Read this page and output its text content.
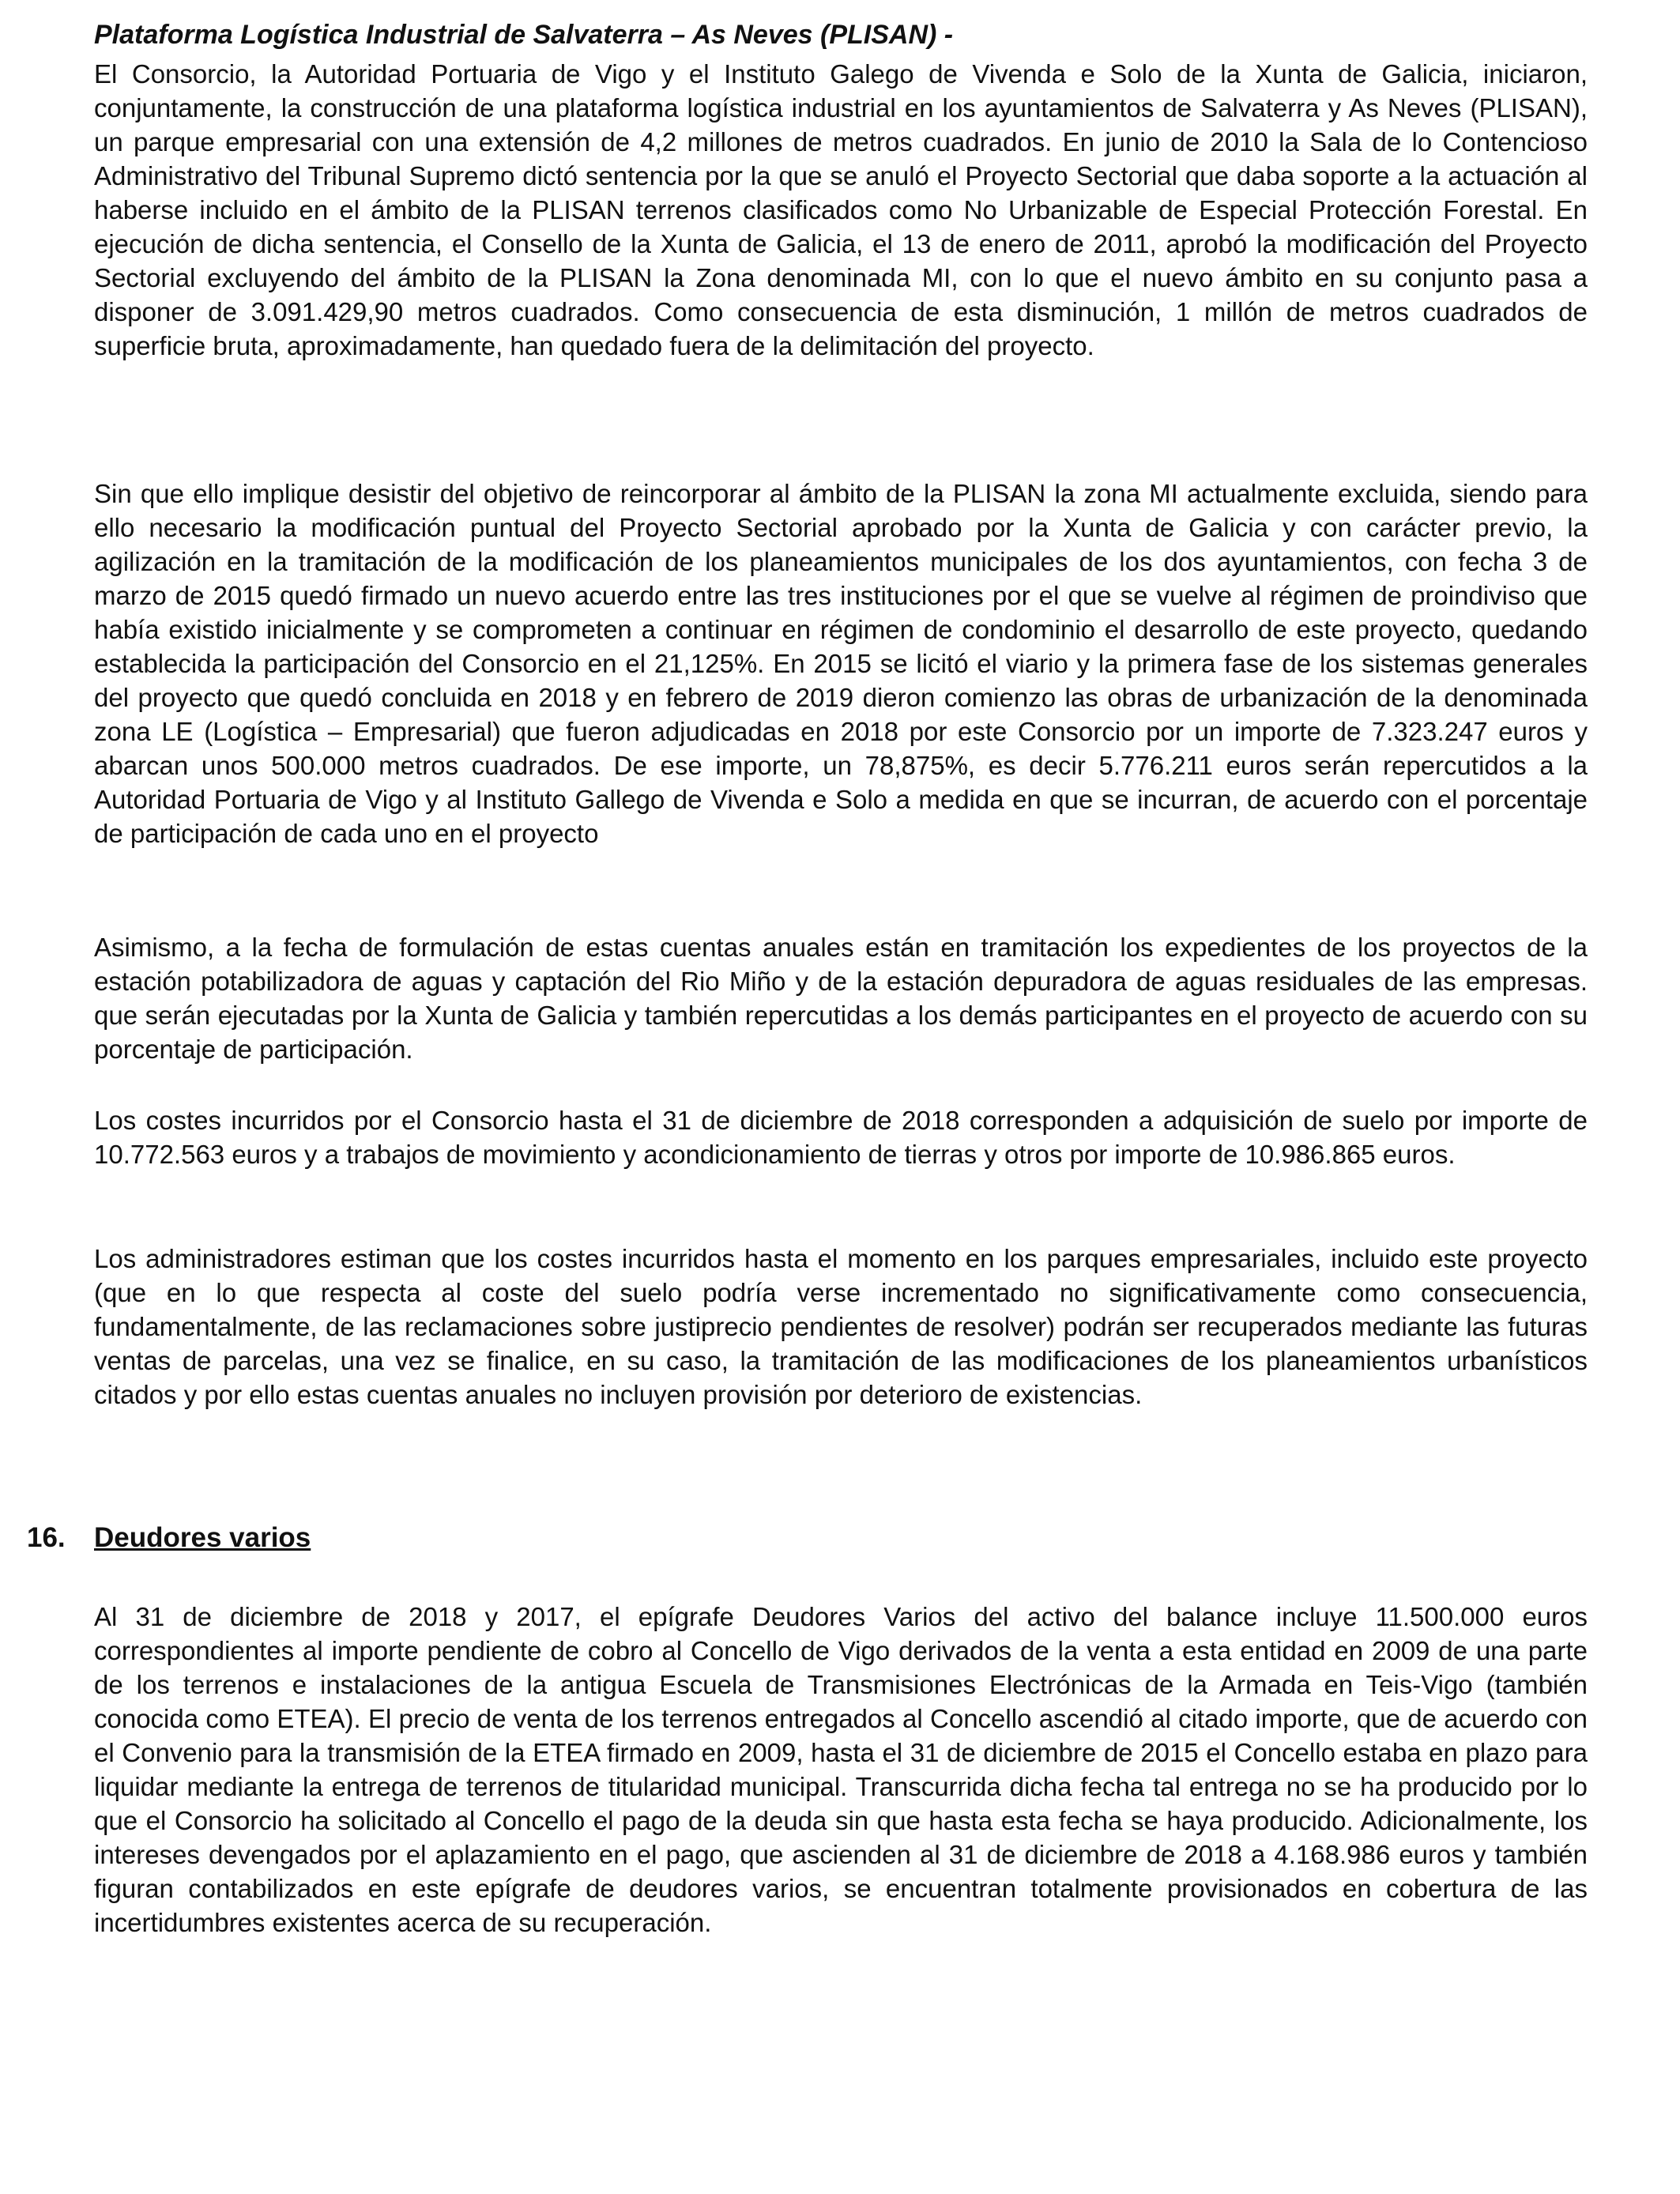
Plataforma Logística Industrial de Salvaterra – As Neves (PLISAN) -

El Consorcio, la Autoridad Portuaria de Vigo y el Instituto Galego de Vivenda e Solo de la Xunta de Galicia, iniciaron, conjuntamente, la construcción de una plataforma logística industrial en los ayuntamientos de Salvaterra y As Neves (PLISAN), un parque empresarial con una extensión de 4,2 millones de metros cuadrados. En junio de 2010 la Sala de lo Contencioso Administrativo del Tribunal Supremo dictó sentencia por la que se anuló el Proyecto Sectorial que daba soporte a la actuación al haberse incluido en el ámbito de la PLISAN terrenos clasificados como No Urbanizable de Especial Protección Forestal. En ejecución de dicha sentencia, el Consello de la Xunta de Galicia, el 13 de enero de 2011, aprobó la modificación del Proyecto Sectorial excluyendo del ámbito de la PLISAN la Zona denominada MI, con lo que el nuevo ámbito en su conjunto pasa a disponer de 3.091.429,90 metros cuadrados. Como consecuencia de esta disminución, 1 millón de metros cuadrados de superficie bruta, aproximadamente, han quedado fuera de la delimitación del proyecto.

Sin que ello implique desistir del objetivo de reincorporar al ámbito de la PLISAN la zona MI actualmente excluida, siendo para ello necesario la modificación puntual del Proyecto Sectorial aprobado por la Xunta de Galicia y con carácter previo, la agilización en la tramitación de la modificación de los planeamientos municipales de los dos ayuntamientos, con fecha 3 de marzo de 2015 quedó firmado un nuevo acuerdo entre las tres instituciones por el que se vuelve al régimen de proindiviso que había existido inicialmente y se comprometen a continuar en régimen de condominio el desarrollo de este proyecto, quedando establecida la participación del Consorcio en el 21,125%. En 2015 se licitó el viario y la primera fase de los sistemas generales del proyecto que quedó concluida en 2018 y en febrero de 2019 dieron comienzo las obras de urbanización de la denominada zona LE (Logística – Empresarial) que fueron adjudicadas en 2018 por este Consorcio por un importe de 7.323.247 euros y abarcan unos 500.000 metros cuadrados. De ese importe, un 78,875%, es decir 5.776.211 euros serán repercutidos a la Autoridad Portuaria de Vigo y al Instituto Gallego de Vivenda e Solo a medida en que se incurran, de acuerdo con el porcentaje de participación de cada uno en el proyecto

Asimismo, a la fecha de formulación de estas cuentas anuales están en tramitación los expedientes de los proyectos de la estación potabilizadora de aguas y captación del Rio Miño y de la estación depuradora de aguas residuales de las empresas. que serán ejecutadas por la Xunta de Galicia y también repercutidas a los demás participantes en el proyecto de acuerdo con su porcentaje de participación.

Los costes incurridos por el Consorcio hasta el 31 de diciembre de 2018 corresponden a adquisición de suelo por importe de 10.772.563 euros y a trabajos de movimiento y acondicionamiento de tierras y otros por importe de 10.986.865 euros.

Los administradores estiman que los costes incurridos hasta el momento en los parques empresariales, incluido este proyecto (que en lo que respecta al coste del suelo podría verse incrementado no significativamente como consecuencia, fundamentalmente, de las reclamaciones sobre justiprecio pendientes de resolver) podrán ser recuperados mediante las futuras ventas de parcelas, una vez se finalice, en su caso, la tramitación de las modificaciones de los planeamientos urbanísticos citados y por ello estas cuentas anuales no incluyen provisión por deterioro de existencias.

16. Deudores varios

Al 31 de diciembre de 2018 y 2017, el epígrafe Deudores Varios del activo del balance incluye 11.500.000 euros correspondientes al importe pendiente de cobro al Concello de Vigo derivados de la venta a esta entidad en 2009 de una parte de los terrenos e instalaciones de la antigua Escuela de Transmisiones Electrónicas de la Armada en Teis-Vigo (también conocida como ETEA). El precio de venta de los terrenos entregados al Concello ascendió al citado importe, que de acuerdo con el Convenio para la transmisión de la ETEA firmado en 2009, hasta el 31 de diciembre de 2015 el Concello estaba en plazo para liquidar mediante la entrega de terrenos de titularidad municipal. Transcurrida dicha fecha tal entrega no se ha producido por lo que el Consorcio ha solicitado al Concello el pago de la deuda sin que hasta esta fecha se haya producido. Adicionalmente, los intereses devengados por el aplazamiento en el pago, que ascienden al 31 de diciembre de 2018 a 4.168.986 euros y también figuran contabilizados en este epígrafe de deudores varios, se encuentran totalmente provisionados en cobertura de las incertidumbres existentes acerca de su recuperación.
